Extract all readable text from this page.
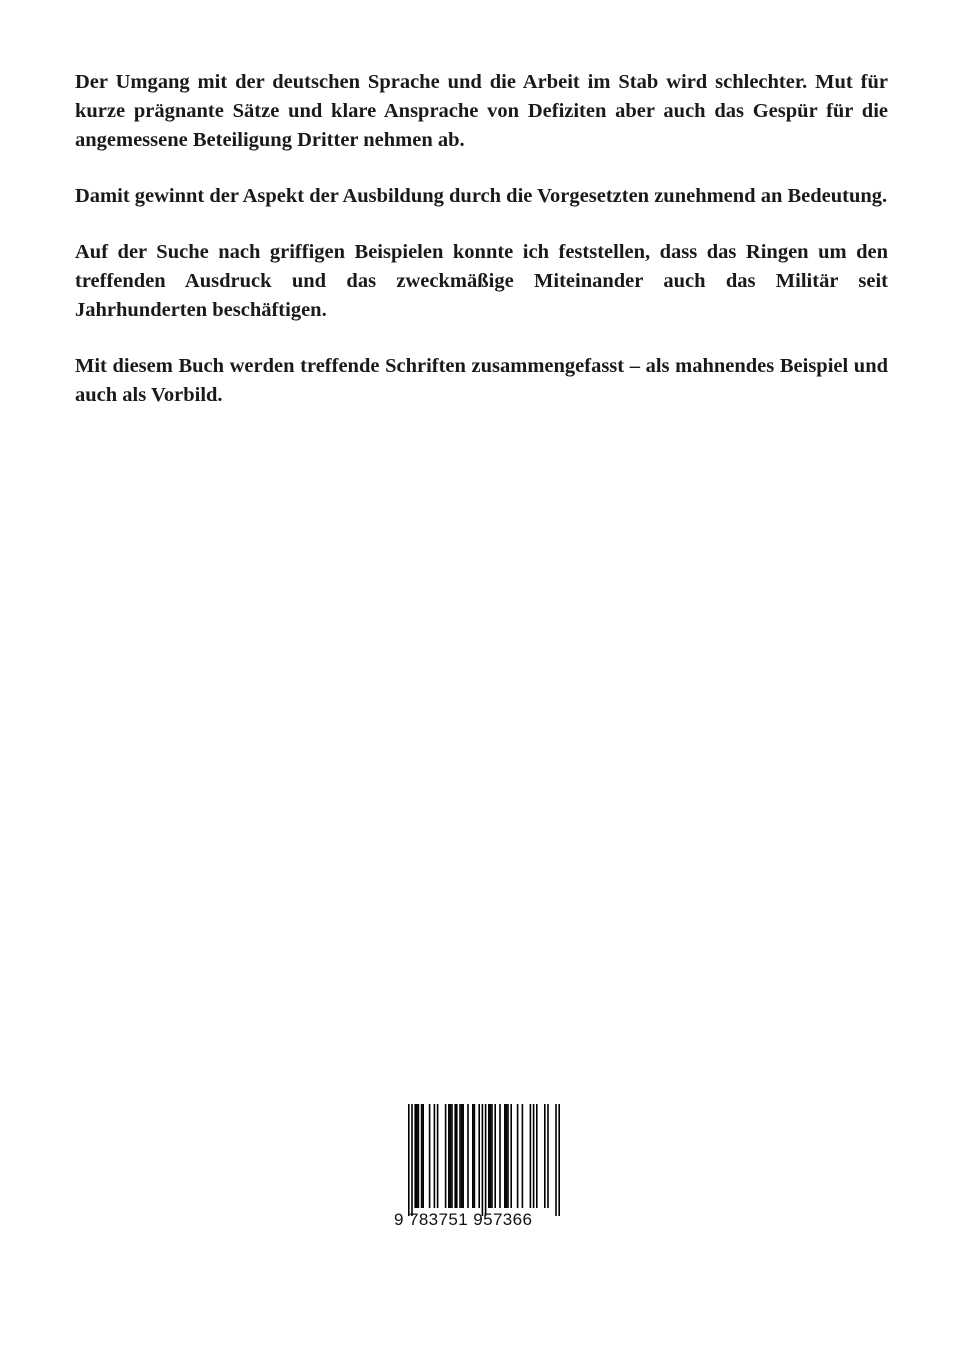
Der Umgang mit der deutschen Sprache und die Arbeit im Stab wird schlechter. Mut für kurze prägnante Sätze und klare Ansprache von Defiziten aber auch das Gespür für die angemessene Beteiligung Dritter nehmen ab.

Damit gewinnt der Aspekt der Ausbildung durch die Vorgesetzten zunehmend an Bedeutung.

Auf der Suche nach griffigen Beispielen konnte ich feststellen, dass das Ringen um den treffenden Ausdruck und das zweckmäßige Miteinander auch das Militär seit Jahrhunderten beschäftigen.

Mit diesem Buch werden treffende Schriften zusammengefasst – als mahnendes Beispiel und auch als Vorbild.

9 783751 957366
